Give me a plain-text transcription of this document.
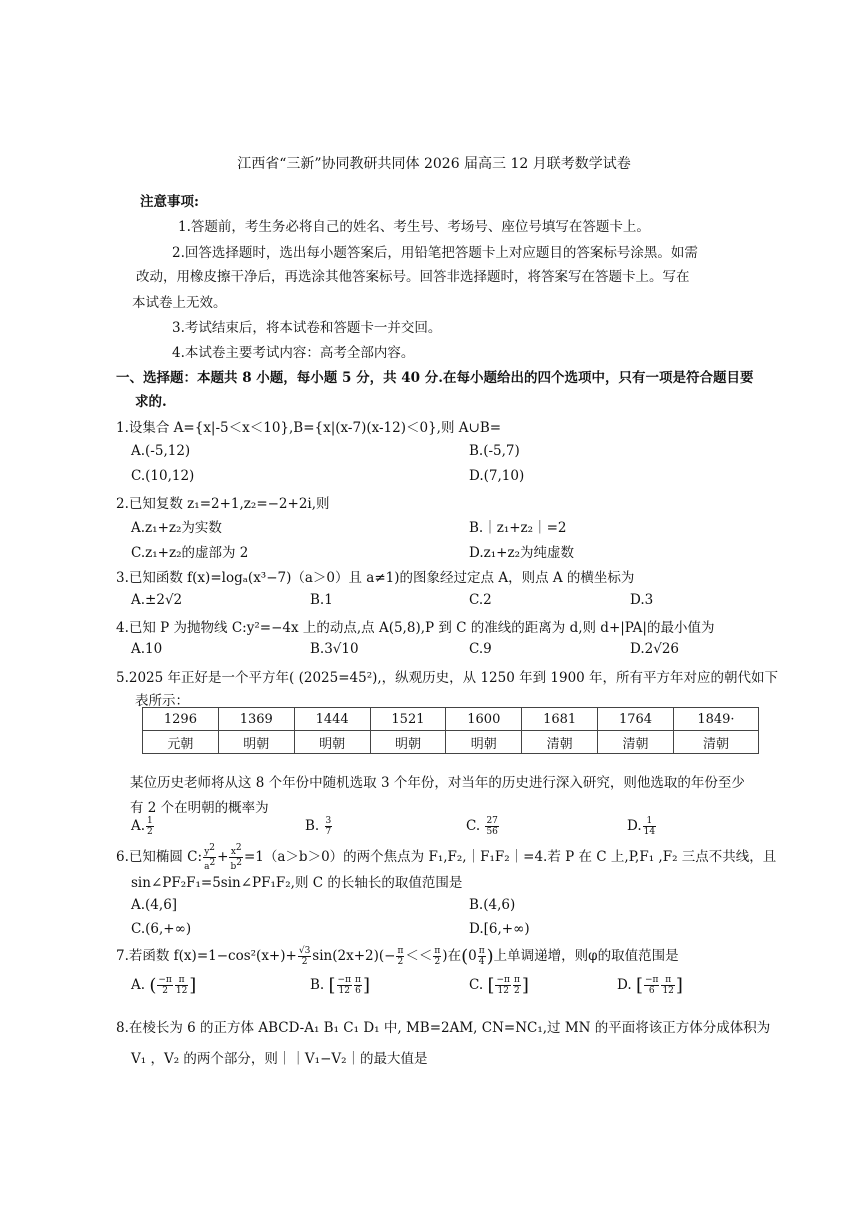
江西省“三新”协同教研共同体 2026 届高三 12 月联考数学试卷
注意事项:
1.答题前，考生务必将自己的姓名、考生号、考场号、座位号填写在答题卡上。
2.回答选择题时，选出每小题答案后，用铅笔把答题卡上对应题目的答案标号涂黑。如需
改动，用橡皮擦干净后，再选涂其他答案标号。回答非选择题时，将答案写在答题卡上。写在
本试卷上无效。
3.考试结束后，将本试卷和答题卡一并交回。
4.本试卷主要考试内容：高考全部内容。
一、选择题：本题共 8 小题，每小题 5 分，共 40 分.在每小题给出的四个选项中，只有一项是符合题目要
求的.
1.设集合 A={x|-5＜x＜10},B={x|(x-7)(x-12)＜0},则 A∪B=
A.(-5,12)	B.(-5,7)
C.(10,12)	D.(7,10)
2.已知复数 z₁=2+1,z₂=−2+2i,则
A.z₁+z₂为实数	B.｜z₁+z₂｜=2
C.z₁+z₂的虚部为 2	D.z₁+z₂为纯虚数
3.已知函数 f(x)=logₐ(x³−7)（a＞0）且 a≠1)的图象经过定点 A，则点 A 的横坐标为
A.±2√2	B.1	C.2	D.3
4.已知 P 为抛物线 C:y²=−4x 上的动点,点 A(5,8),P 到 C 的准线的距离为 d,则 d+|PA|的最小值为
A.10	B.3√10	C.9	D.2√26
5.2025 年正好是一个平方年( (2025=45²),，纵观历史，从 1250 年到 1900 年，所有平方年对应的朝代如下
表所示：
1296	1369	1444	1521	1600	1681	1764	1849·
元朝	明朝	明朝	明朝	明朝	清朝	清朝	清朝
某位历史老师将从这 8 个年份中随机选取 3 个年份，对当年的历史进行深入研究，则他选取的年份至少
有 2 个在明朝的概率为
A. $\frac{1}{2}$	B. $\frac{3}{7}$	C. $\frac{27}{56}$	D. $\frac{1}{14}$
6.已知椭圆 C: $\frac{y^2}{a^2} + \frac{x^2}{b^2} =1(a>b>0)$的两个焦点为 F₁,F₂,｜F₁F₂｜=4.若 P 在 C 上,P,F₁ ,F₂ 三点不共线，且
sin∠PF₂F₁=5sin∠PF₁F₂,则 C 的长轴长的取值范围是
A.(4,6]	B.(4,6)
C.(6,+∞)	D.[6,+∞)
7.若函数 $f(x)=1-\cos^2(x+)+ \frac{√3}{2} \sin(2x+2)(- \frac{\pi}{2} << \frac{\pi}{2}$ )在($0 \frac{\pi}{4}$ )上单调递增，则φ的取值范围是
A. ( $\frac{-\pi}{2} \frac{\pi}{12}$ ]	B. [ $\frac{-\pi}{12} \frac{\pi}{6}$ ]	C. [ $\frac{-\pi}{12} \frac{\pi}{2}$ ]	D. [ $\frac{-\pi}{6} \frac{\pi}{12}$ ]
8.在棱长为 6 的正方体 ABCD-A₁ B₁ C₁ D₁ 中, MB=2AM, CN=NC₁,过 MN 的平面将该正方体分成体积为
V₁ ，V₂ 的两个部分，则｜｜V₁−V₂｜的最大值是
